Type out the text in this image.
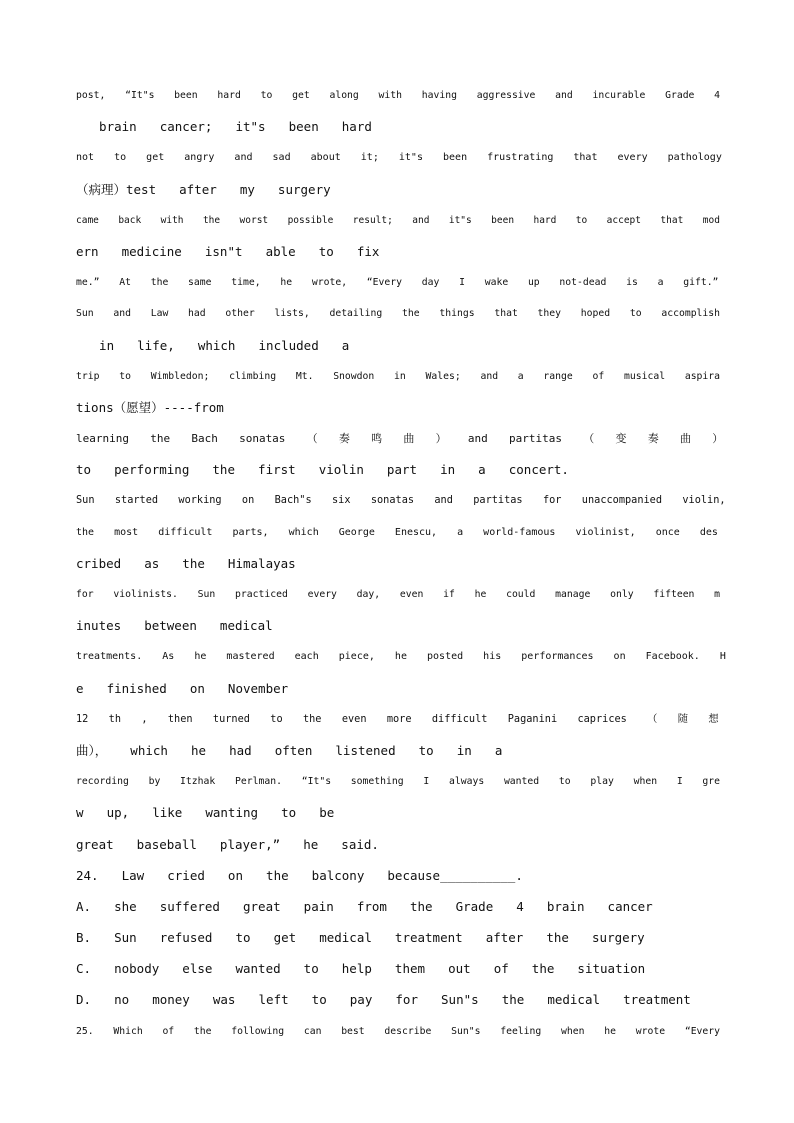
post,  “It"s  been  hard  to  get  along  with  having  aggressive  and  incurable  Grade  4
brain  cancer;  it"s  been  hard
not  to  get  angry  and  sad  about  it;  it"s  been  frustrating  that  every  pathology
（病理）test  after  my  surgery
came  back  with  the  worst  possible  result;  and  it"s  been  hard  to  accept  that  mod
ern  medicine  isn"t  able  to  fix
me.”  At  the  same  time,  he  wrote,  “Every  day  I  wake  up  not-dead  is  a  gift.”
Sun  and  Law  had  other  lists,  detailing  the  things  that  they  hoped  to  accomplish
in  life,  which  included  a
trip  to  Wimbledon;  climbing  Mt.  Snowdon  in  Wales;  and  a  range  of  musical  aspira
tions（愿望）----from
learning  the  Bach  sonatas  （  奏  鸣  曲  ）  and  partitas  （  变  奏  曲  ）
to  performing  the  first  violin  part  in  a  concert.
Sun  started  working  on  Bach"s  six  sonatas  and  partitas  for  unaccompanied  violin,
the  most  difficult  parts,  which  George  Enescu,  a  world-famous  violinist,  once  des
cribed  as  the  Himalayas
for  violinists.  Sun  practiced  every  day,  even  if  he  could  manage  only  fifteen  m
inutes  between  medical
treatments.  As  he  mastered  each  piece,  he  posted  his  performances  on  Facebook.  H
e  finished  on  November
12  th  ,  then  turned  to  the  even  more  difficult  Paganini  caprices  （  随  想
曲），  which  he  had  often  listened  to  in  a
recording  by  Itzhak  Perlman.  “It"s  something  I  always  wanted  to  play  when  I  gre
w  up,  like  wanting  to  be
great  baseball  player,”  he  said.
24.  Law  cried  on  the  balcony  because__________.
A.  she  suffered  great  pain  from  the  Grade  4  brain  cancer
B.  Sun  refused  to  get  medical  treatment  after  the  surgery
C.  nobody  else  wanted  to  help  them  out  of  the  situation
D.  no  money  was  left  to  pay  for  Sun"s  the  medical  treatment
25.  Which  of  the  following  can  best  describe  Sun"s  feeling  when  he  wrote  “Every
